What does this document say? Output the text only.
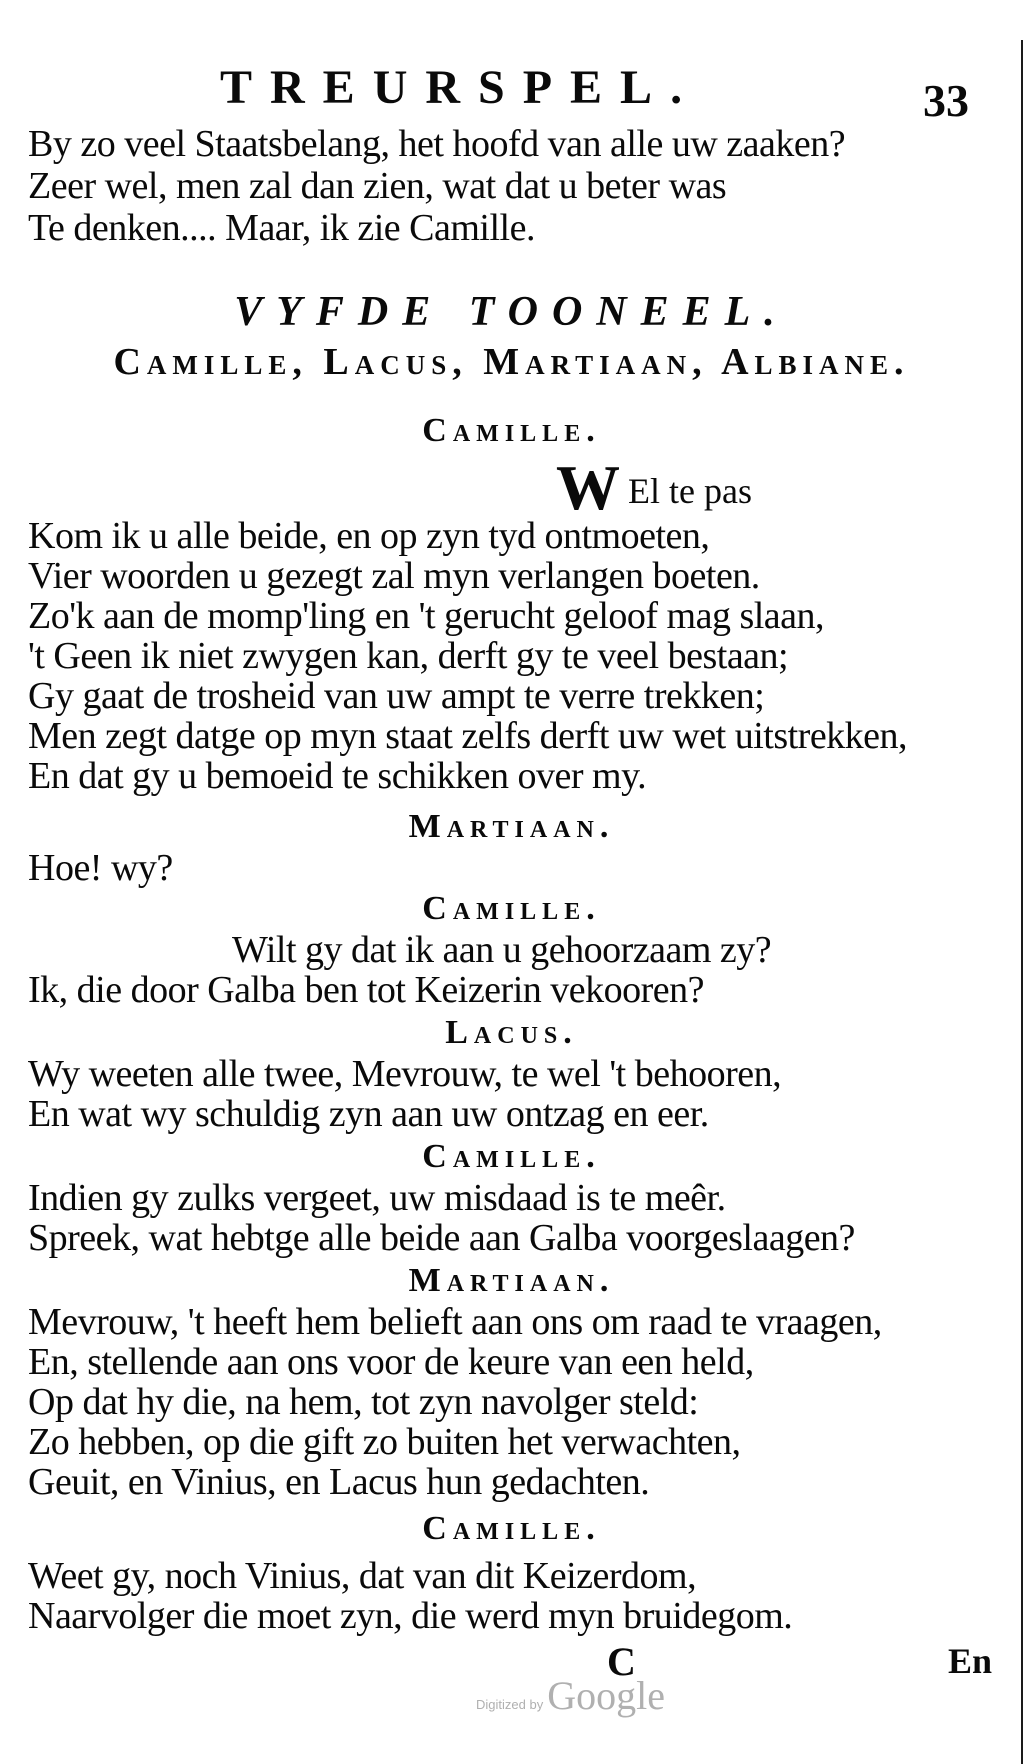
TREURSPEL.	33
By zo veel Staatsbelang, het hoofd van alle uw zaaken?
Zeer wel, men zal dan zien, wat dat u beter was
Te denken.... Maar, ik zie Camille.
VYFDE TOONEEL.
Camille, Lacus, Martiaan, Albiane.
Camille.
W El te pas
Kom ik u alle beide, en op zyn tyd ontmoeten,
Vier woorden u gezegt zal myn verlangen boeten.
Zo'k aan de momp'ling en 't gerucht geloof mag slaan,
't Geen ik niet zwygen kan, derft gy te veel bestaan;
Gy gaat de trosheid van uw ampt te verre trekken;
Men zegt datge op myn staat zelfs derft uw wet uitstrekken,
En dat gy u bemoeid te schikken over my.
Martiaan.
Hoe! wy?
Camille.
Wilt gy dat ik aan u gehoorzaam zy?
Ik, die door Galba ben tot Keizerin vekooren?
Lacus.
Wy weeten alle twee, Mevrouw, te wel 't behooren,
En wat wy schuldig zyn aan uw ontzag en eer.
Camille.
Indien gy zulks vergeet, uw misdaad is te meêr.
Spreek, wat hebtge alle beide aan Galba voorgeslaagen?
Martiaan.
Mevrouw, 't heeft hem belieft aan ons om raad te vraagen,
En, stellende aan ons voor de keure van een held,
Op dat hy die, na hem, tot zyn navolger steld:
Zo hebben, op die gift zo buiten het verwachten,
Geuit, en Vinius, en Lacus hun gedachten.
Camille.
Weet gy, noch Vinius, dat van dit Keizerdom,
Naarvolger die moet zyn, die werd myn bruidegom.
C	En
Digitized by Google
